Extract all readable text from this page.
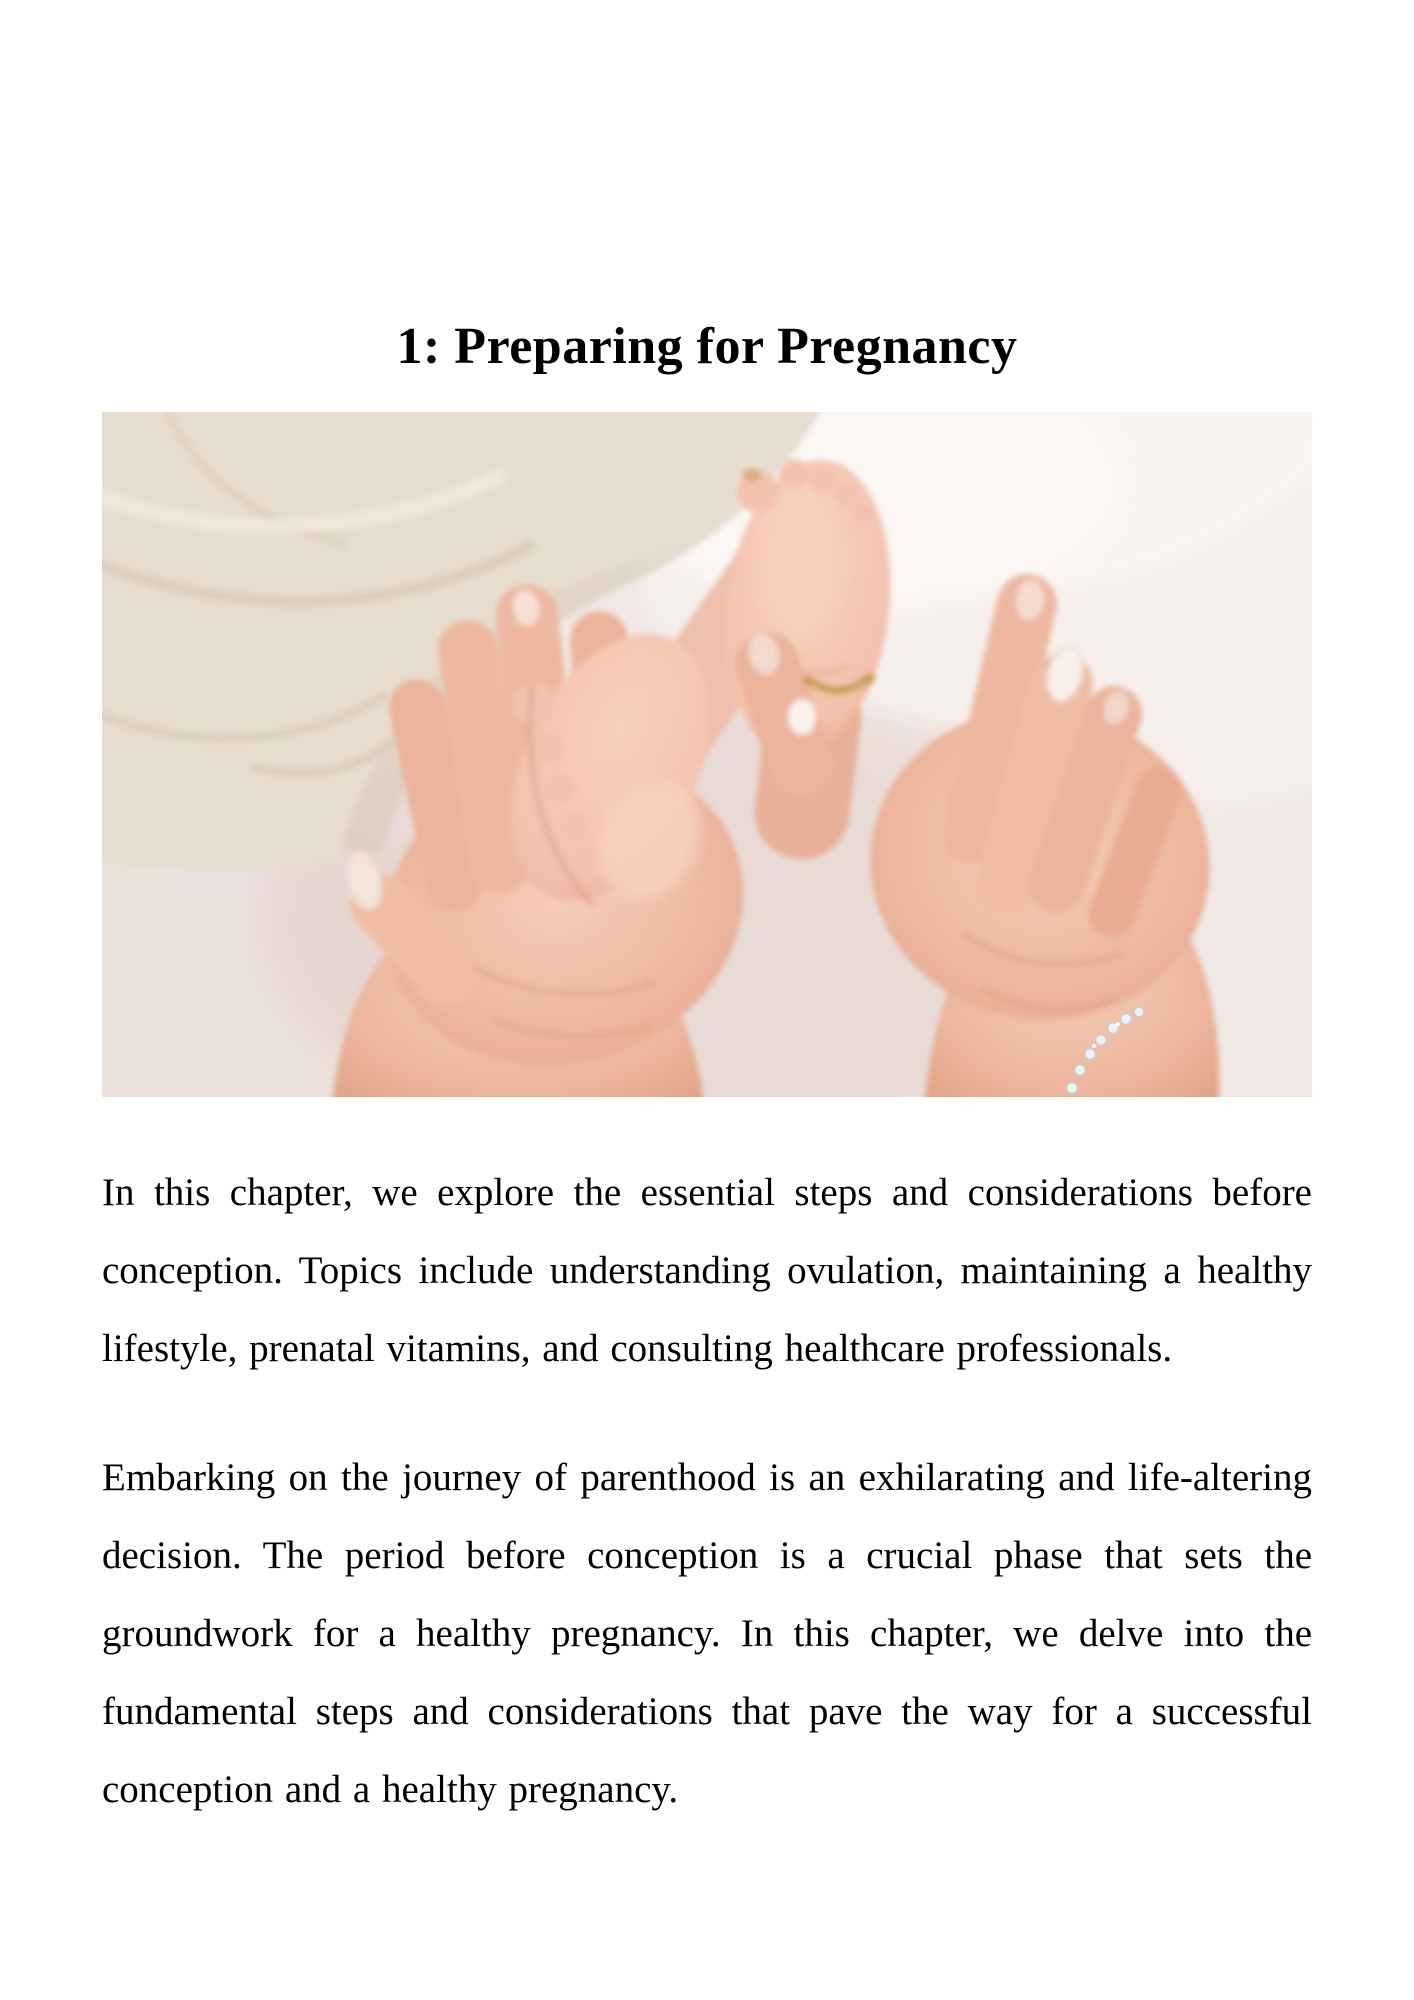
1: Preparing for Pregnancy

In this chapter, we explore the essential steps and considerations before conception. Topics include understanding ovulation, maintaining a healthy lifestyle, prenatal vitamins, and consulting healthcare professionals.

Embarking on the journey of parenthood is an exhilarating and life-altering decision. The period before conception is a crucial phase that sets the groundwork for a healthy pregnancy. In this chapter, we delve into the fundamental steps and considerations that pave the way for a successful conception and a healthy pregnancy.
